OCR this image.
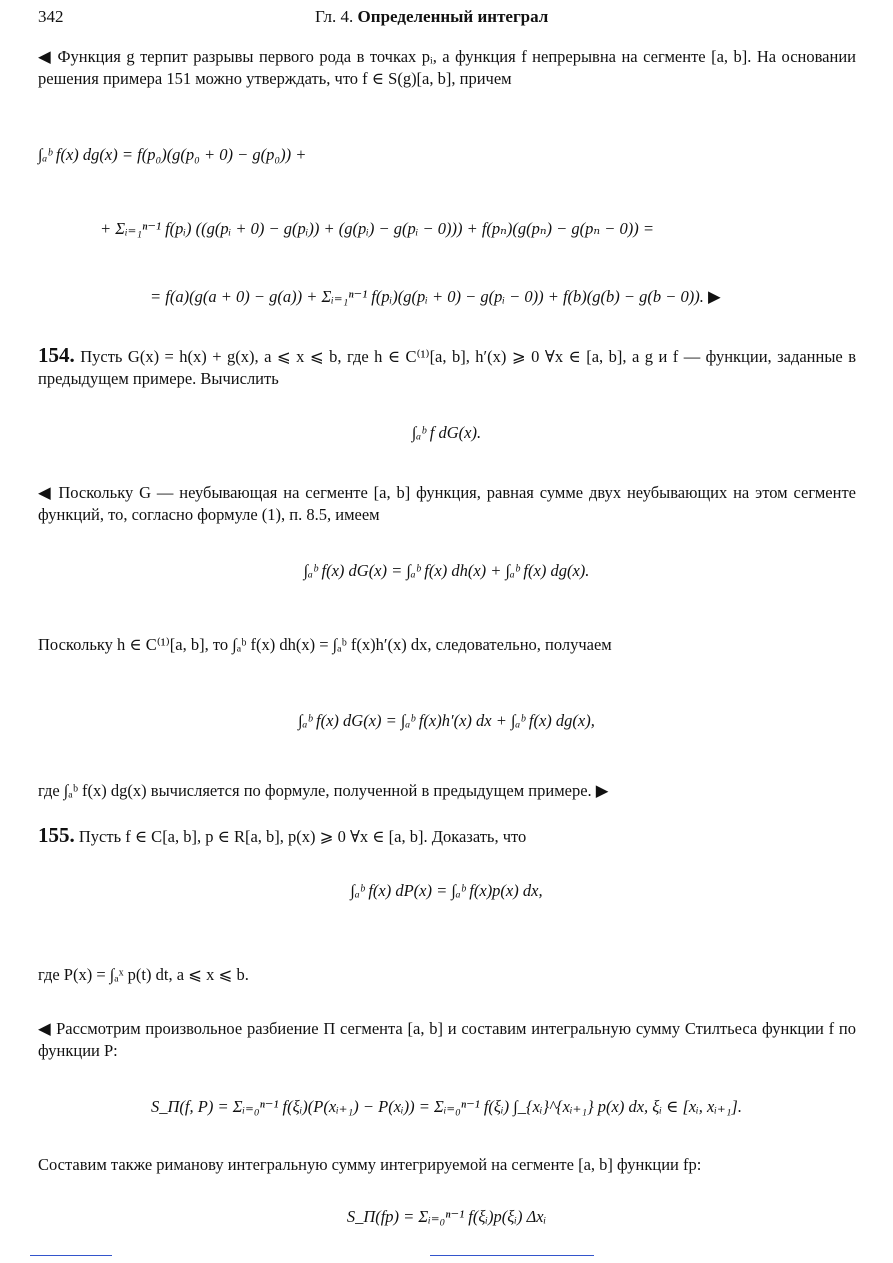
342	Гл. 4. Определенный интеграл

◀ Функция g терпит разрывы первого рода в точках pᵢ, а функция f непрерывна на сегменте [a, b]. На основании решения примера 151 можно утверждать, что f ∈ S(g)[a, b], причем

∫ₐᵇ f(x) dg(x) = f(p₀)(g(p₀ + 0) − g(p₀)) +
+ Σᵢ₌₁ⁿ⁻¹ f(pᵢ) ((g(pᵢ + 0) − g(pᵢ)) + (g(pᵢ) − g(pᵢ − 0))) + f(pₙ)(g(pₙ) − g(pₙ − 0)) =
= f(a)(g(a + 0) − g(a)) + Σᵢ₌₁ⁿ⁻¹ f(pᵢ)(g(pᵢ + 0) − g(pᵢ − 0)) + f(b)(g(b) − g(b − 0)). ▶

154. Пусть G(x) = h(x) + g(x), a ⩽ x ⩽ b, где h ∈ C⁽¹⁾[a, b], h′(x) ⩾ 0 ∀x ∈ [a, b], а g и f — функции, заданные в предыдущем примере. Вычислить

∫ₐᵇ f dG(x).

◀ Поскольку G — неубывающая на сегменте [a, b] функция, равная сумме двух неубывающих на этом сегменте функций, то, согласно формуле (1), п. 8.5, имеем

∫ₐᵇ f(x) dG(x) = ∫ₐᵇ f(x) dh(x) + ∫ₐᵇ f(x) dg(x).

Поскольку h ∈ C⁽¹⁾[a, b], то ∫ₐᵇ f(x) dh(x) = ∫ₐᵇ f(x)h′(x) dx, следовательно, получаем

∫ₐᵇ f(x) dG(x) = ∫ₐᵇ f(x)h′(x) dx + ∫ₐᵇ f(x) dg(x),
где ∫ₐᵇ f(x) dg(x) вычисляется по формуле, полученной в предыдущем примере. ▶

155. Пусть f ∈ C[a, b], p ∈ R[a, b], p(x) ⩾ 0 ∀x ∈ [a, b]. Доказать, что

∫ₐᵇ f(x) dP(x) = ∫ₐᵇ f(x)p(x) dx,
где P(x) = ∫ₐˣ p(t) dt, a ⩽ x ⩽ b.

◀ Рассмотрим произвольное разбиение Π сегмента [a, b] и составим интегральную сумму Стилтьеса функции f по функции P:

S_Π(f, P) = Σᵢ₌₀ⁿ⁻¹ f(ξᵢ)(P(xᵢ₊₁) − P(xᵢ)) = Σᵢ₌₀ⁿ⁻¹ f(ξᵢ) ∫_{xᵢ}^{xᵢ₊₁} p(x) dx, ξᵢ ∈ [xᵢ, xᵢ₊₁].

Составим также риманову интегральную сумму интегрируемой на сегменте [a, b] функции fp:

S_Π(fp) = Σᵢ₌₀ⁿ⁻¹ f(ξᵢ)p(ξᵢ) Δxᵢ
